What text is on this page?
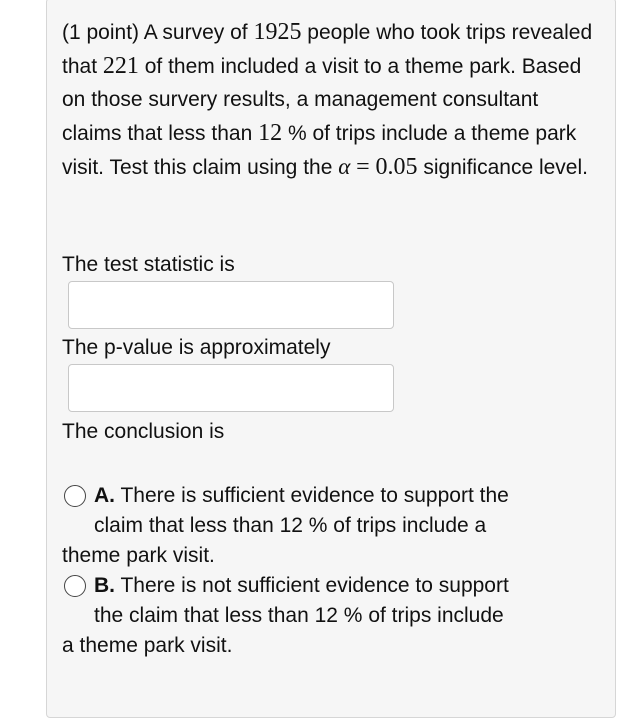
(1 point) A survey of 1925 people who took trips revealed that 221 of them included a visit to a theme park. Based on those survery results, a management consultant claims that less than 12 % of trips include a theme park visit. Test this claim using the α = 0.05 significance level.
The test statistic is
The p-value is approximately
The conclusion is
A. There is sufficient evidence to support the
claim that less than 12 % of trips include a
theme park visit.
B. There is not sufficient evidence to support
the claim that less than 12 % of trips include
a theme park visit.
